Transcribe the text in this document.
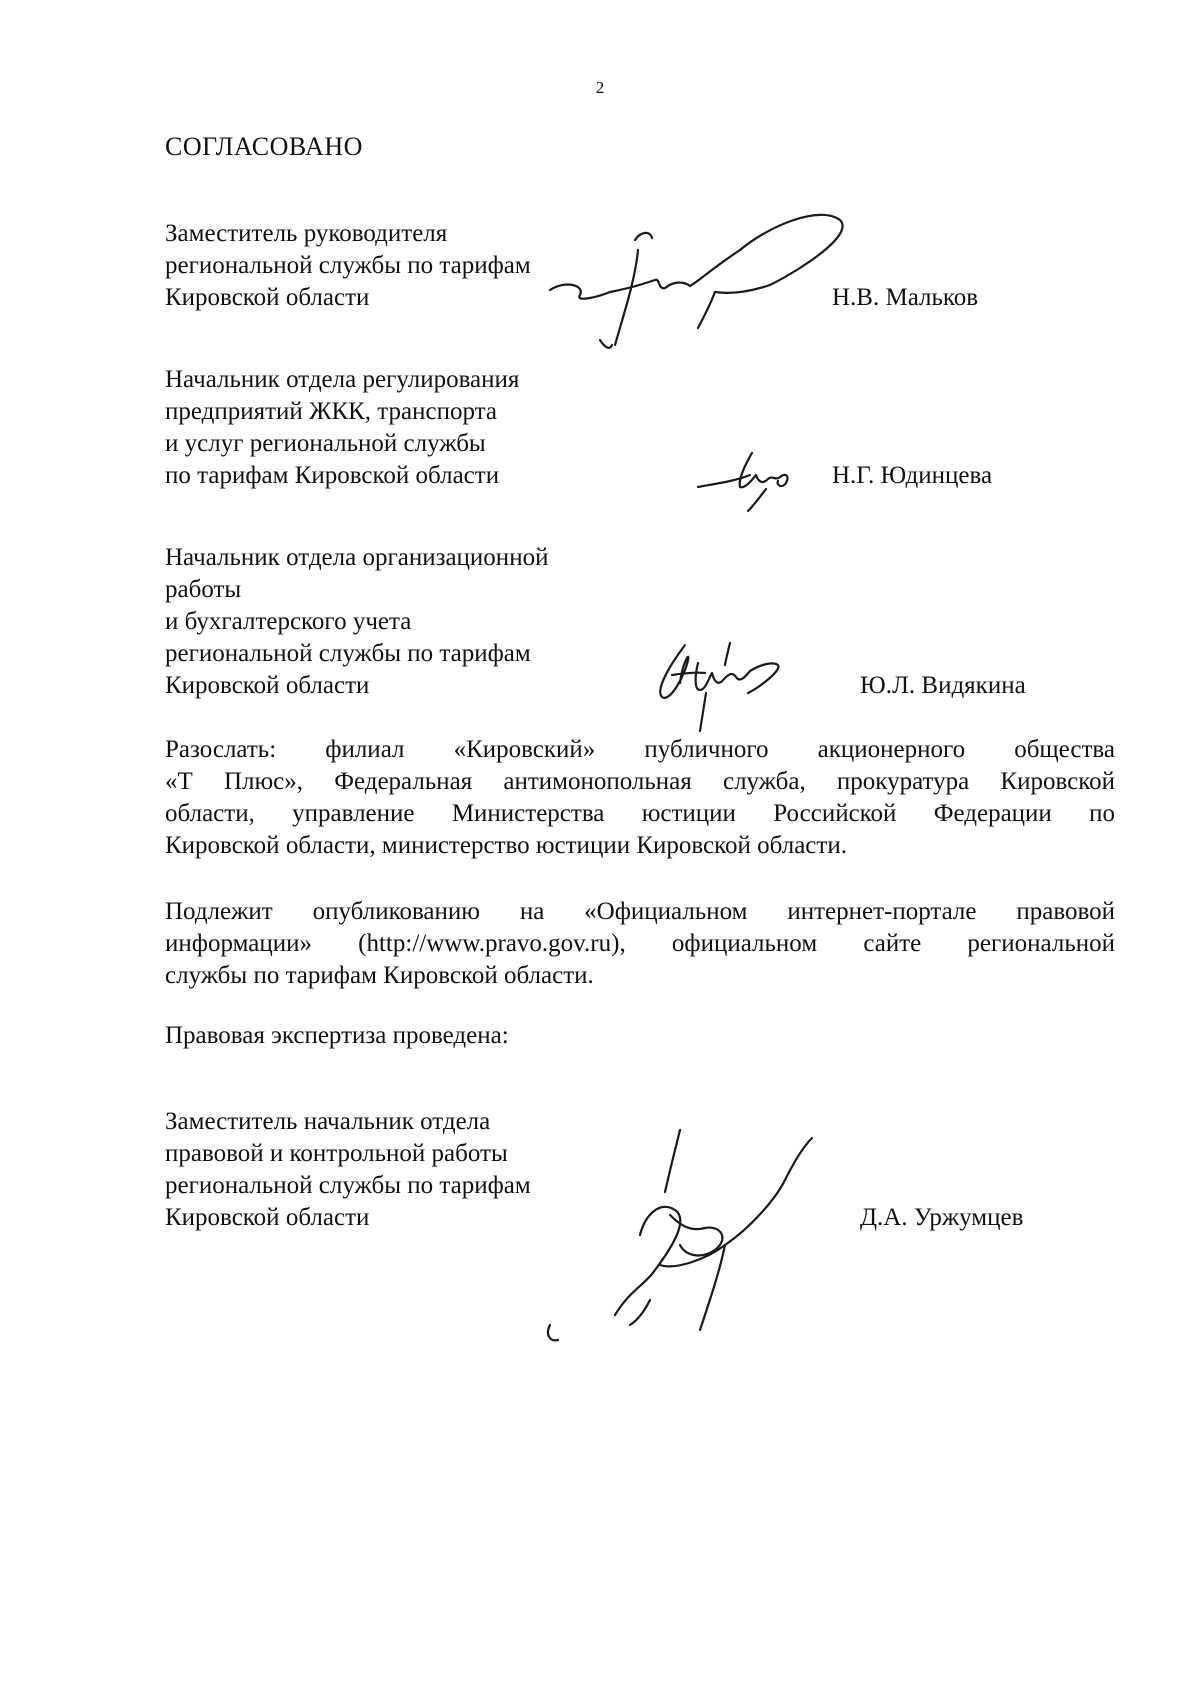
2
СОГЛАСОВАНО
Заместитель руководителя
региональной службы по тарифам
Кировской области	Н.В. Мальков
Начальник отдела регулирования
предприятий ЖКК, транспорта
и услуг региональной службы
по тарифам Кировской области	Н.Г. Юдинцева
Начальник отдела организационной
работы
и бухгалтерского учета
региональной службы по тарифам
Кировской области	Ю.Л. Видякина
Разослать: филиал «Кировский» публичного акционерного общества
«Т Плюс», Федеральная антимонопольная служба, прокуратура Кировской
области, управление Министерства юстиции Российской Федерации по
Кировской области, министерство юстиции Кировской области.
Подлежит опубликованию на «Официальном интернет-портале правовой
информации» (http://www.pravo.gov.ru), официальном сайте региональной
службы по тарифам Кировской области.
Правовая экспертиза проведена:
Заместитель начальник отдела
правовой и контрольной работы
региональной службы по тарифам
Кировской области	Д.А. Уржумцев
